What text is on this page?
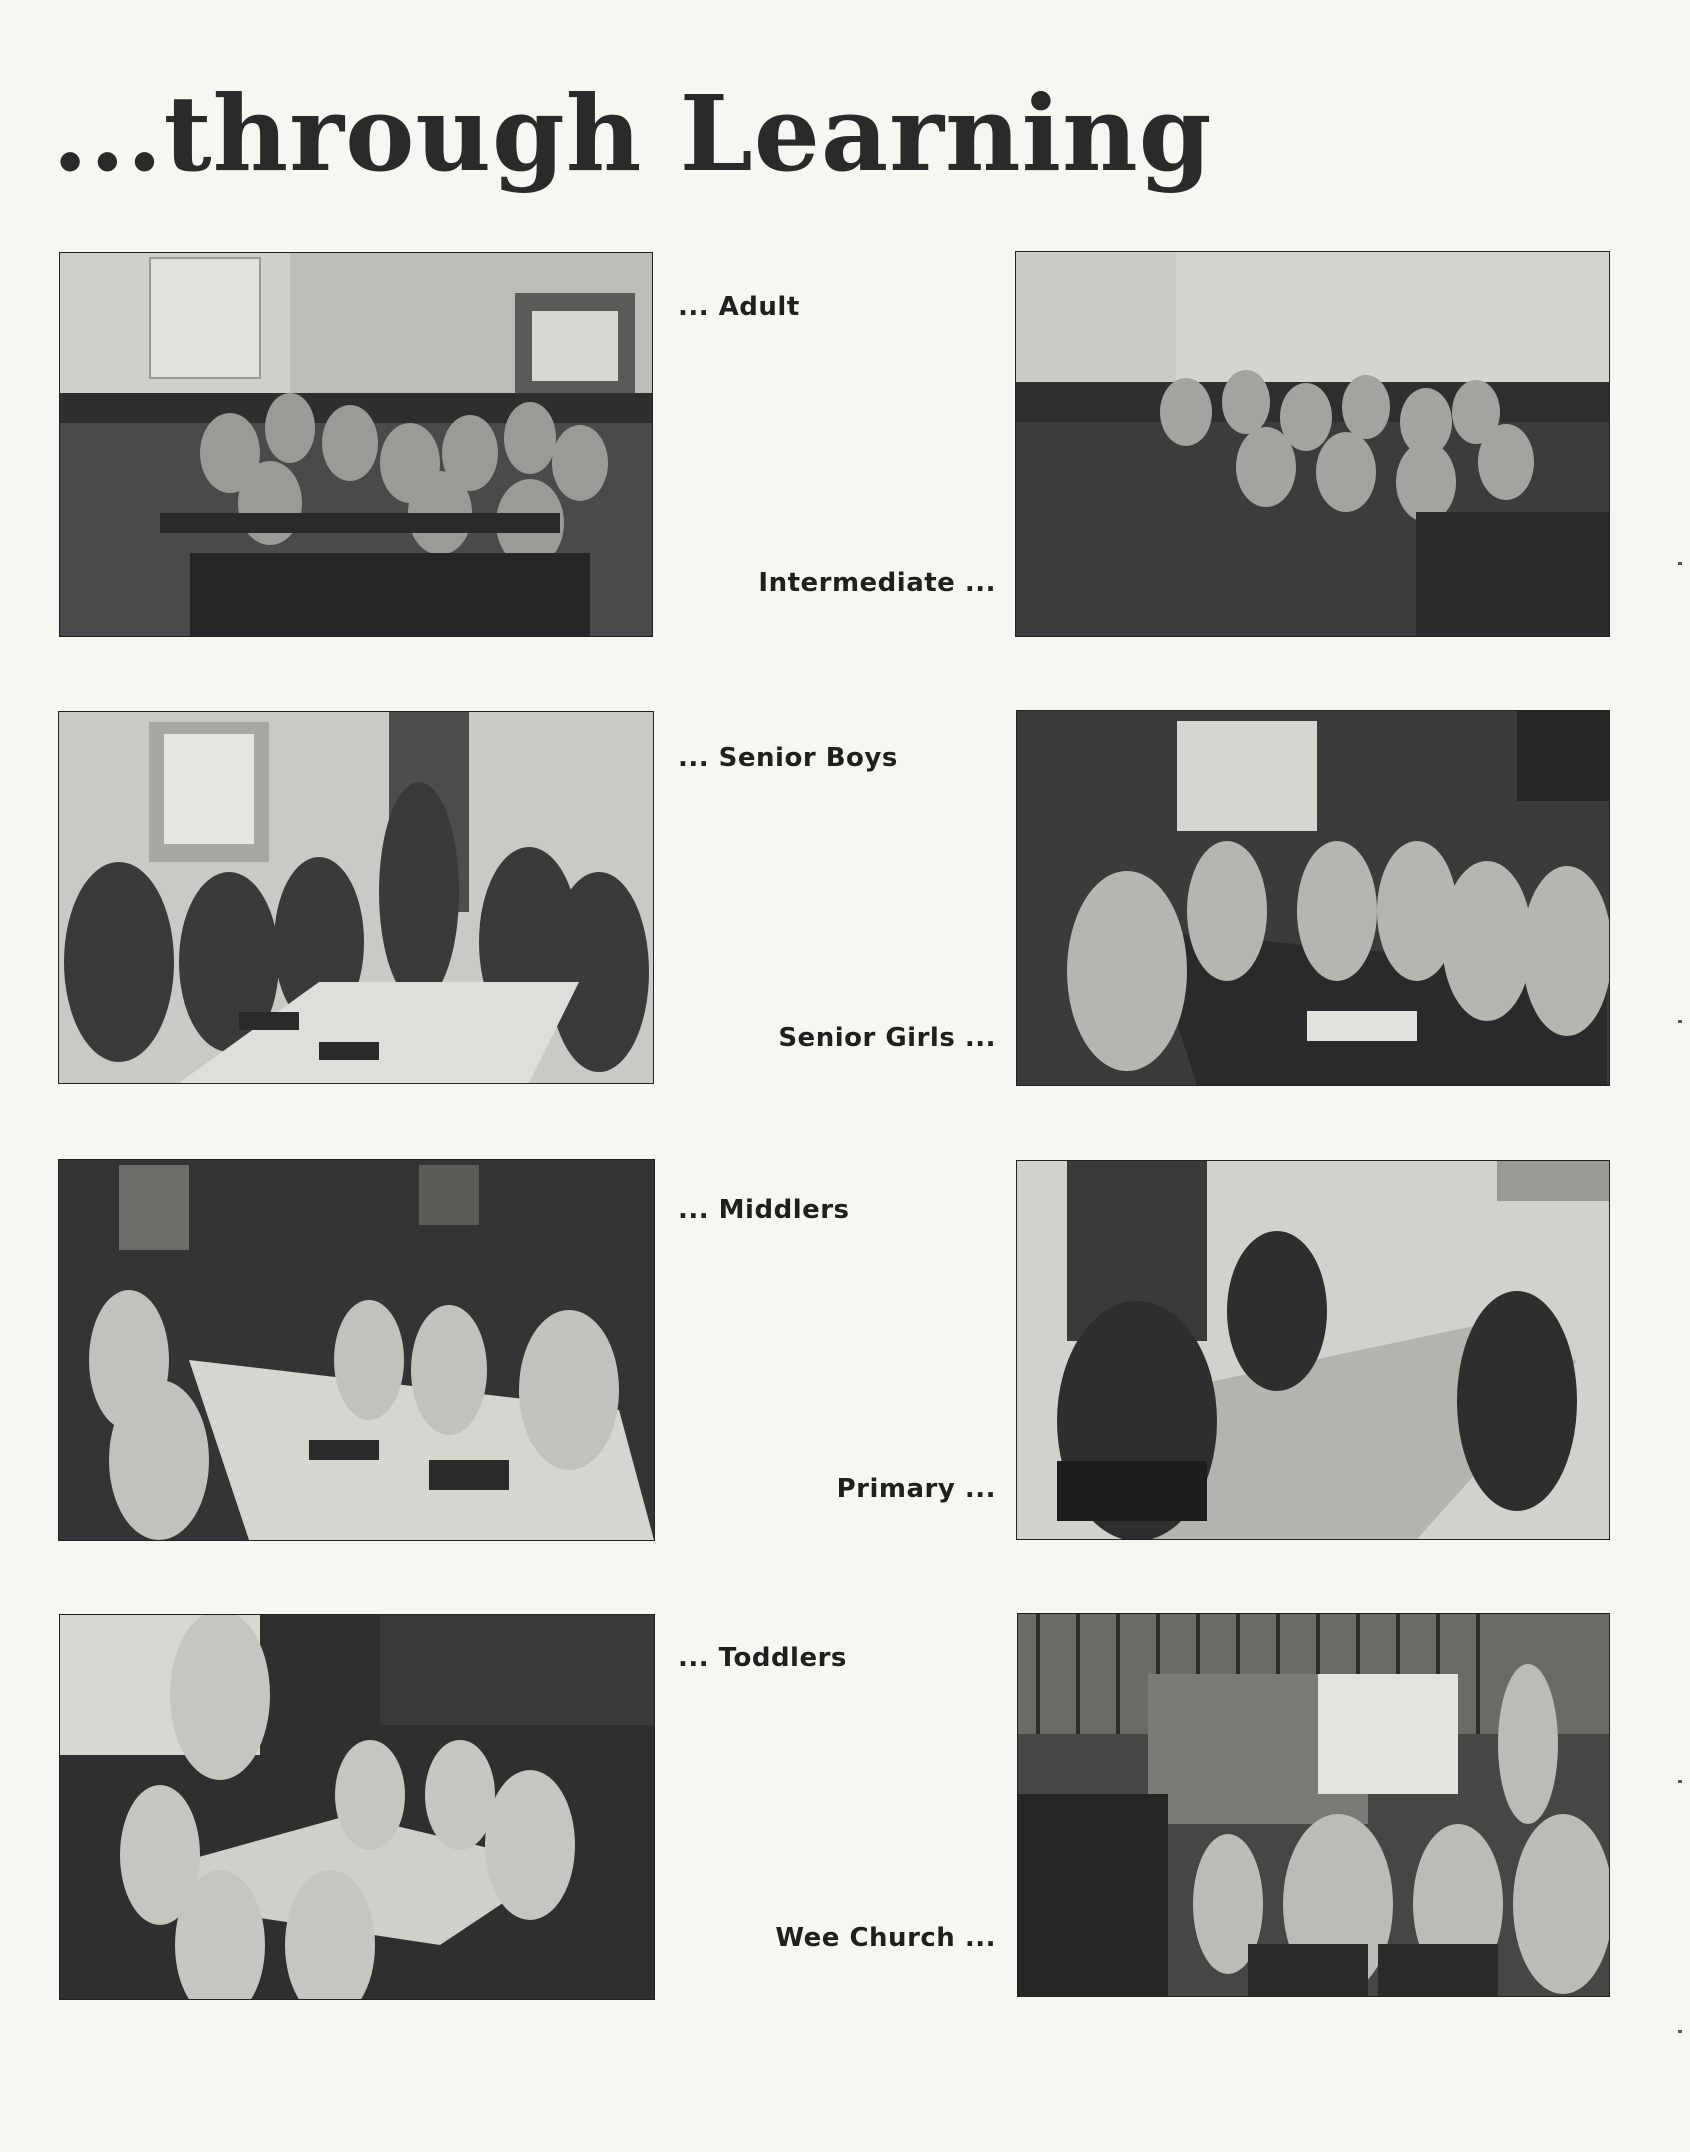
...through Learning
... Adult
Intermediate ...
... Senior Boys
Senior Girls ...
... Middlers
Primary ...
... Toddlers
Wee Church ...
